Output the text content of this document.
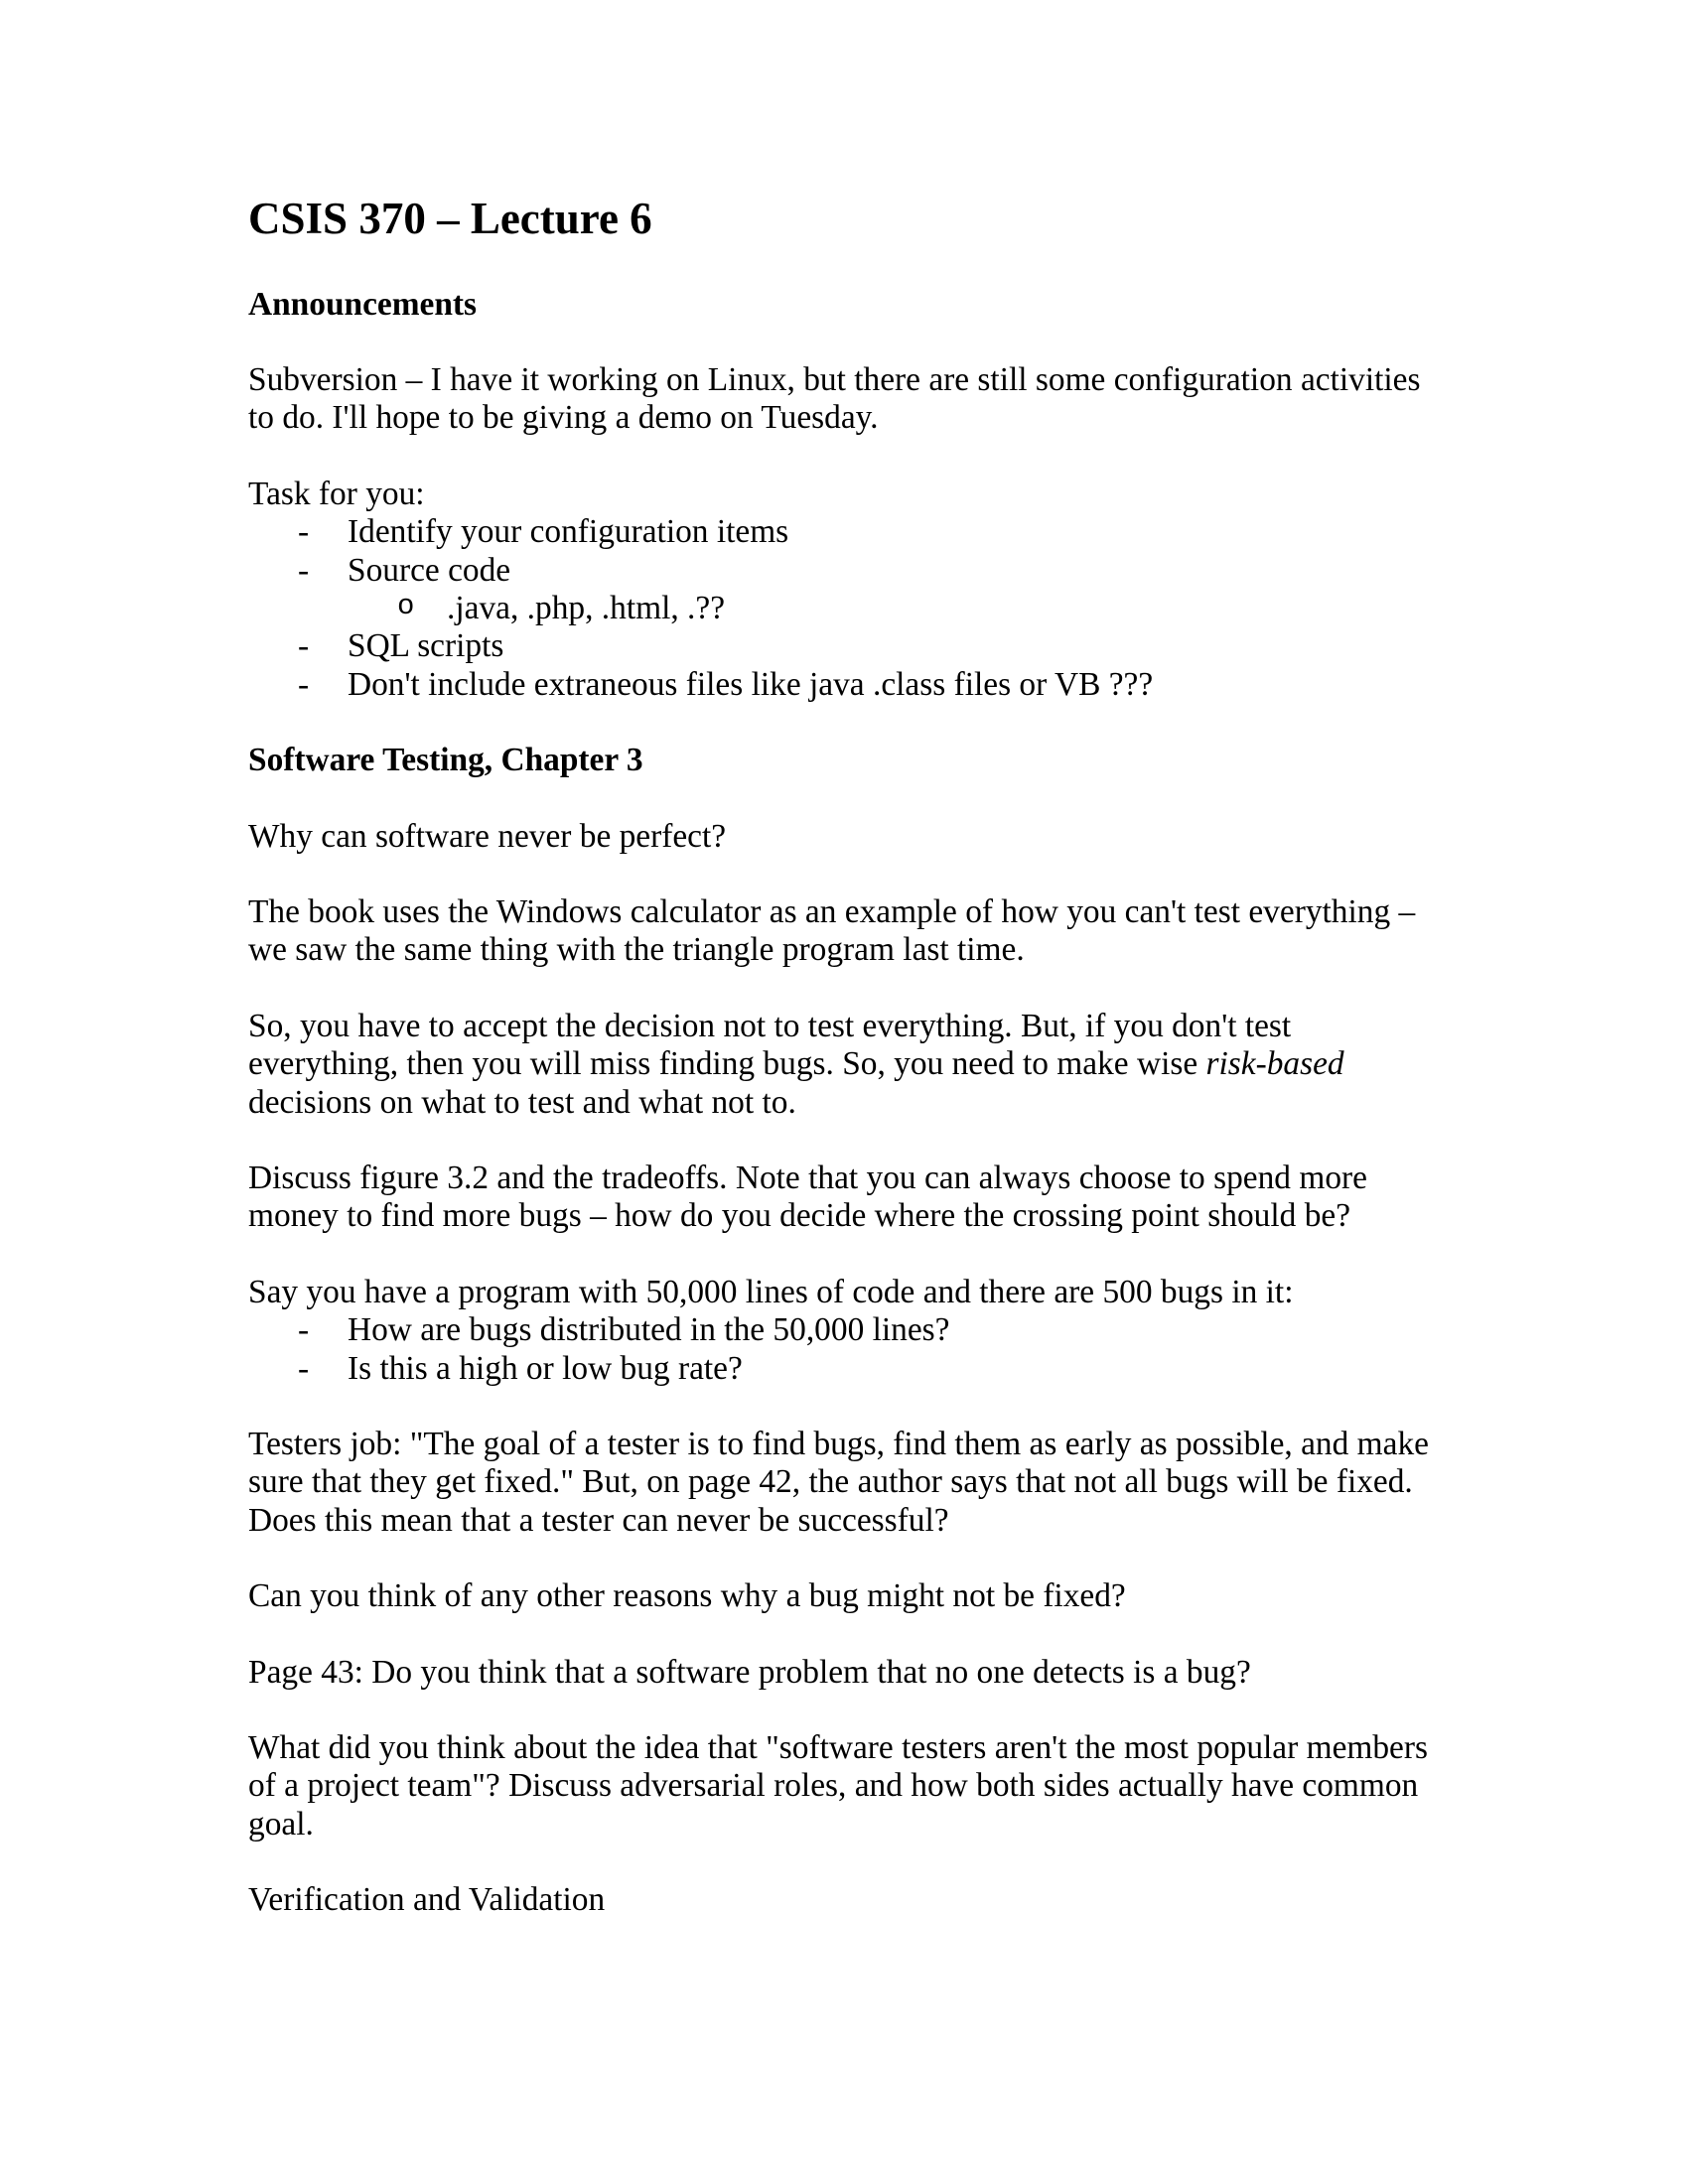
CSIS 370 – Lecture 6
Announcements

Subversion – I have it working on Linux, but there are still some configuration activities to do. I'll hope to be giving a demo on Tuesday.

Task for you:

-	Identify your configuration items
-	Source code
o .java, .php, .html, .??
-	SQL scripts
-	Don't include extraneous files like java .class files or VB ???
Software Testing, Chapter 3

Why can software never be perfect?

The book uses the Windows calculator as an example of how you can't test everything – we saw the same thing with the triangle program last time.

So, you have to accept the decision not to test everything. But, if you don't test everything, then you will miss finding bugs. So, you need to make wise risk-based decisions on what to test and what not to.

Discuss figure 3.2 and the tradeoffs. Note that you can always choose to spend more money to find more bugs – how do you decide where the crossing point should be?

Say you have a program with 50,000 lines of code and there are 500 bugs in it:

-	How are bugs distributed in the 50,000 lines?
-	Is this a high or low bug rate?

Testers job: "The goal of a tester is to find bugs, find them as early as possible, and make sure that they get fixed." But, on page 42, the author says that not all bugs will be fixed. Does this mean that a tester can never be successful?

Can you think of any other reasons why a bug might not be fixed?

Page 43: Do you think that a software problem that no one detects is a bug?

What did you think about the idea that "software testers aren't the most popular members of a project team"? Discuss adversarial roles, and how both sides actually have common goal.

Verification and Validation
